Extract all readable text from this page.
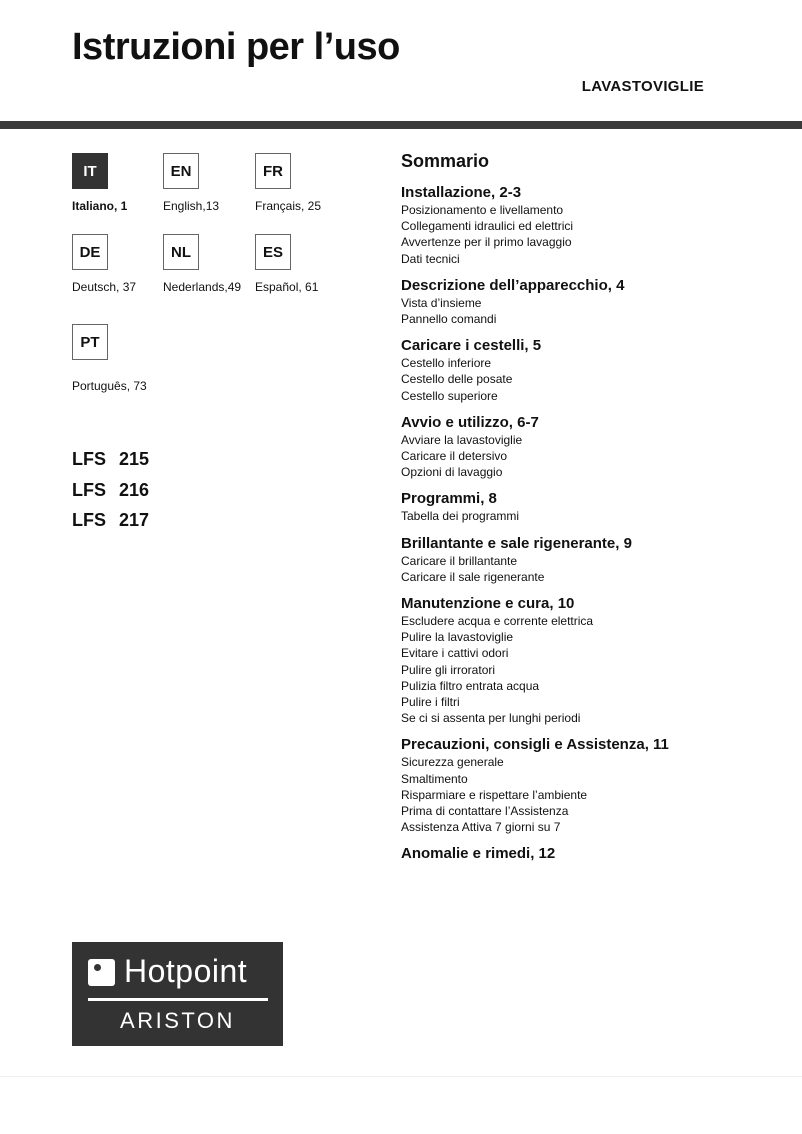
Istruzioni per l’uso
LAVASTOVIGLIE
IT
Italiano, 1
EN
English,13
FR
Français, 25
DE
Deutsch, 37
NL
Nederlands,49
ES
Español, 61
PT
Português, 73
LFS 215
LFS 216
LFS 217
Sommario
Installazione, 2-3
Posizionamento e livellamento
Collegamenti idraulici ed elettrici
Avvertenze per il primo lavaggio
Dati tecnici
Descrizione dell’apparecchio, 4
Vista d’insieme
Pannello comandi
Caricare i cestelli, 5
Cestello inferiore
Cestello delle posate
Cestello superiore
Avvio e utilizzo, 6-7
Avviare la lavastoviglie
Caricare il detersivo
Opzioni di lavaggio
Programmi, 8
Tabella dei programmi
Brillantante e sale rigenerante, 9
Caricare il brillantante
Caricare il sale rigenerante
Manutenzione e cura, 10
Escludere acqua e corrente elettrica
Pulire la lavastoviglie
Evitare i cattivi odori
Pulire gli irroratori
Pulizia filtro entrata acqua
Pulire i filtri
Se ci si assenta per lunghi periodi
Precauzioni, consigli e Assistenza, 11
Sicurezza generale
Smaltimento
Risparmiare e rispettare l’ambiente
Prima di contattare l’Assistenza
Assistenza Attiva 7 giorni su 7
Anomalie e rimedi, 12
Hotpoint
ARISTON
